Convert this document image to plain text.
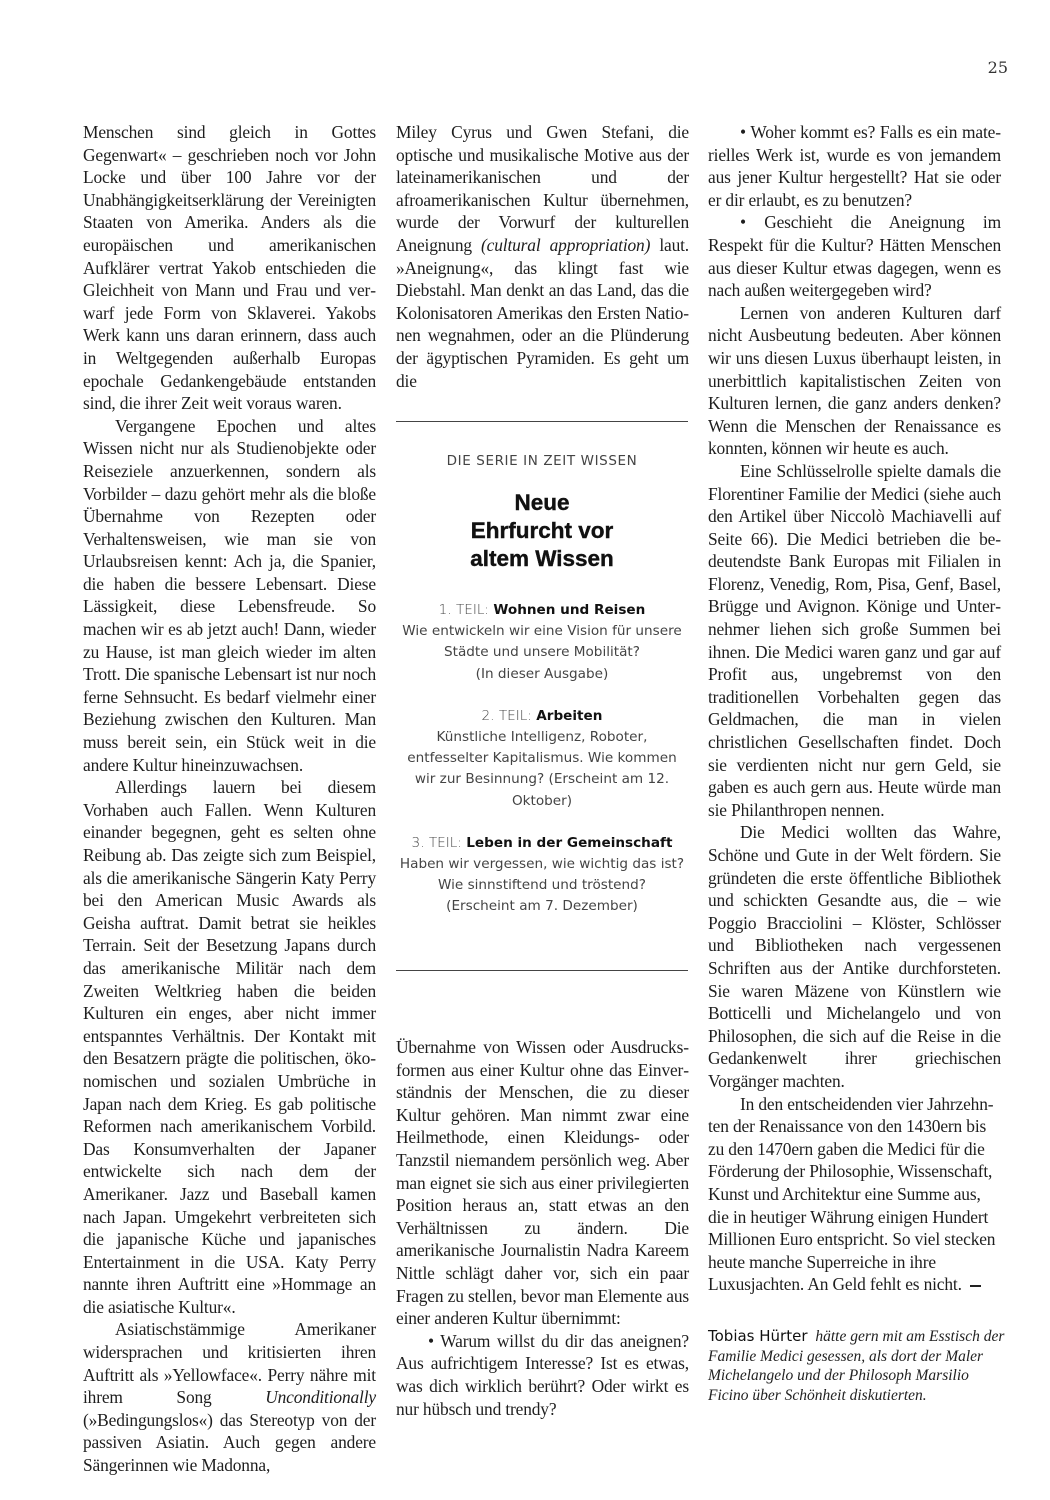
25

Menschen sind gleich in Gottes Gegenwart« – geschrieben noch vor John Locke und über 100 Jahre vor der Unabhängigkeitserklärung der Vereinigten Staaten von Amerika. Anders als die europäischen und amerikanischen Aufklärer vertrat Yakob entschieden die Gleichheit von Mann und Frau und verwarf jede Form von Sklaverei. Yakobs Werk kann uns daran erinnern, dass auch in Weltgegenden außerhalb Europas epochale Gedankengebäude entstanden sind, die ihrer Zeit weit voraus waren.

Vergangene Epochen und altes Wissen nicht nur als Studienobjekte oder Reiseziele anzuerkennen, sondern als Vorbilder – dazu gehört mehr als die bloße Übernahme von Rezepten oder Verhaltensweisen, wie man sie von Urlaubsreisen kennt: Ach ja, die Spanier, die haben die bessere Lebensart. Diese Lässigkeit, diese Lebensfreude. So machen wir es ab jetzt auch! Dann, wieder zu Hause, ist man gleich wieder im alten Trott. Die spanische Lebensart ist nur noch ferne Sehnsucht. Es bedarf vielmehr einer Beziehung zwischen den Kulturen. Man muss bereit sein, ein Stück weit in die andere Kultur hineinzuwachsen.

Allerdings lauern bei diesem Vorhaben auch Fallen. Wenn Kulturen einander begegnen, geht es selten ohne Reibung ab. Das zeigte sich zum Beispiel, als die amerikanische Sängerin Katy Perry bei den American Music Awards als Geisha auftrat. Damit betrat sie heikles Terrain. Seit der Besetzung Japans durch das amerikanische Militär nach dem Zweiten Weltkrieg haben die beiden Kulturen ein enges, aber nicht immer entspanntes Verhältnis. Der Kontakt mit den Besatzern prägte die politischen, ökonomischen und sozialen Umbrüche in Japan nach dem Krieg. Es gab politische Reformen nach amerikanischem Vorbild. Das Konsumverhalten der Japaner entwickelte sich nach dem der Amerikaner. Jazz und Baseball kamen nach Japan. Umgekehrt verbreiteten sich die japanische Küche und japanisches Entertainment in die USA. Katy Perry nannte ihren Auftritt eine »Hommage an die asiatische Kultur«.

Asiatischstämmige Amerikaner widersprachen und kritisierten ihren Auftritt als »Yellowface«. Perry nähre mit ihrem Song Unconditionally (»Bedingungslos«) das Stereotyp von der passiven Asiatin. Auch gegen andere Sängerinnen wie Madonna,

Miley Cyrus und Gwen Stefani, die optische und musikalische Motive aus der lateinamerikanischen und der afroamerikanischen Kultur übernehmen, wurde der Vorwurf der kulturellen Aneignung (cultural appropriation) laut. »Aneignung«, das klingt fast wie Diebstahl. Man denkt an das Land, das die Kolonisatoren Amerikas den Ersten Nationen wegnahmen, oder an die Plünderung der ägyptischen Pyramiden. Es geht um die

DIE SERIE IN ZEIT WISSEN
Neue
Ehrfurcht vor
altem Wissen
1. TEIL: Wohnen und Reisen
Wie entwickeln wir eine Vision für unsere Städte und unsere Mobilität?
(In dieser Ausgabe)
2. TEIL: Arbeiten
Künstliche Intelligenz, Roboter, entfesselter Kapitalismus. Wie kommen wir zur Besinnung? (Erscheint am 12. Oktober)
3. TEIL: Leben in der Gemeinschaft
Haben wir vergessen, wie wichtig das ist? Wie sinnstiftend und tröstend?
(Erscheint am 7. Dezember)

Übernahme von Wissen oder Ausdrucksformen aus einer Kultur ohne das Einverständnis der Menschen, die zu dieser Kultur gehören. Man nimmt zwar eine Heilmethode, einen Kleidungs- oder Tanzstil niemandem persönlich weg. Aber man eignet sie sich aus einer privilegierten Position heraus an, statt etwas an den Verhältnissen zu ändern. Die amerikanische Journalistin Nadra Kareem Nittle schlägt daher vor, sich ein paar Fragen zu stellen, bevor man Elemente aus einer anderen Kultur übernimmt:

• Warum willst du dir das aneignen? Aus aufrichtigem Interesse? Ist es etwas, was dich wirklich berührt? Oder wirkt es nur hübsch und trendy?

• Woher kommt es? Falls es ein materielles Werk ist, wurde es von jemandem aus jener Kultur hergestellt? Hat sie oder er dir erlaubt, es zu benutzen?

• Geschieht die Aneignung im Respekt für die Kultur? Hätten Menschen aus dieser Kultur etwas dagegen, wenn es nach außen weitergegeben wird?

Lernen von anderen Kulturen darf nicht Ausbeutung bedeuten. Aber können wir uns diesen Luxus überhaupt leisten, in unerbittlich kapitalistischen Zeiten von Kulturen lernen, die ganz anders denken? Wenn die Menschen der Renaissance es konnten, können wir heute es auch.

Eine Schlüsselrolle spielte damals die Florentiner Familie der Medici (siehe auch den Artikel über Niccolò Machiavelli auf Seite 66). Die Medici betrieben die bedeutendste Bank Europas mit Filialen in Florenz, Venedig, Rom, Pisa, Genf, Basel, Brügge und Avignon. Könige und Unternehmer liehen sich große Summen bei ihnen. Die Medici waren ganz und gar auf Profit aus, ungebremst von den traditionellen Vorbehalten gegen das Geldmachen, die man in vielen christlichen Gesellschaften findet. Doch sie verdienten nicht nur gern Geld, sie gaben es auch gern aus. Heute würde man sie Philanthropen nennen.

Die Medici wollten das Wahre, Schöne und Gute in der Welt fördern. Sie gründeten die erste öffentliche Bibliothek und schickten Gesandte aus, die – wie Poggio Bracciolini – Klöster, Schlösser und Bibliotheken nach vergessenen Schriften aus der Antike durchforsteten. Sie waren Mäzene von Künstlern wie Botticelli und Michelangelo und von Philosophen, die sich auf die Reise in die Gedankenwelt ihrer griechischen Vorgänger machten.

In den entscheidenden vier Jahrzehnten der Renaissance von den 1430ern bis zu den 1470ern gaben die Medici für die Förderung der Philosophie, Wissenschaft, Kunst und Architektur eine Summe aus, die in heutiger Währung einigen Hundert Millionen Euro entspricht. So viel stecken heute manche Superreiche in ihre Luxusjachten. An Geld fehlt es nicht.

Tobias Hürter hätte gern mit am Esstisch der Familie Medici gesessen, als dort der Maler Michelangelo und der Philosoph Marsilio Ficino über Schönheit diskutierten.
